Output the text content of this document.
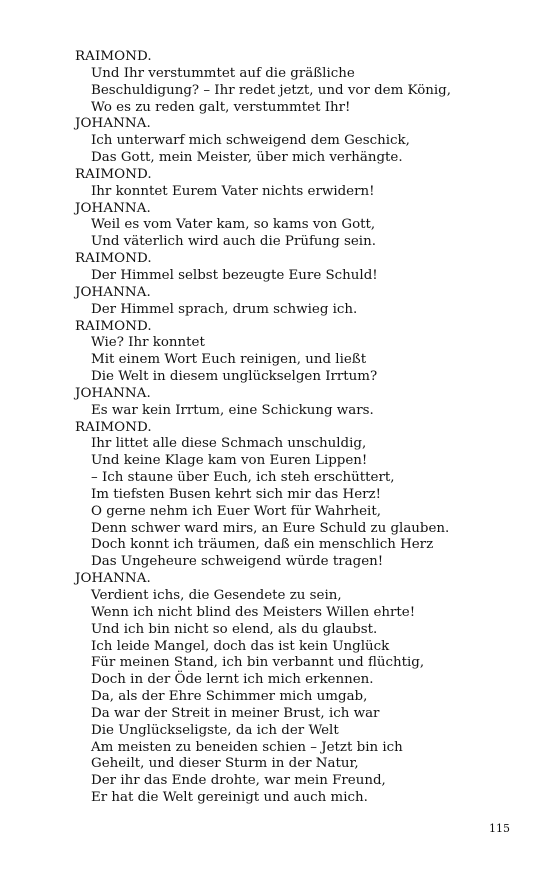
RAIMOND.
Und Ihr verstummtet auf die gräßliche
Beschuldigung? – Ihr redet jetzt, und vor dem König,
Wo es zu reden galt, verstummtet Ihr!
JOHANNA.
Ich unterwarf mich schweigend dem Geschick,
Das Gott, mein Meister, über mich verhängte.
RAIMOND.
Ihr konntet Eurem Vater nichts erwidern!
JOHANNA.
Weil es vom Vater kam, so kams von Gott,
Und väterlich wird auch die Prüfung sein.
RAIMOND.
Der Himmel selbst bezeugte Eure Schuld!
JOHANNA.
Der Himmel sprach, drum schwieg ich.
RAIMOND.
Wie? Ihr konntet
Mit einem Wort Euch reinigen, und ließt
Die Welt in diesem unglückselgen Irrtum?
JOHANNA.
Es war kein Irrtum, eine Schickung wars.
RAIMOND.
Ihr littet alle diese Schmach unschuldig,
Und keine Klage kam von Euren Lippen!
– Ich staune über Euch, ich steh erschüttert,
Im tiefsten Busen kehrt sich mir das Herz!
O gerne nehm ich Euer Wort für Wahrheit,
Denn schwer ward mirs, an Eure Schuld zu glauben.
Doch konnt ich träumen, daß ein menschlich Herz
Das Ungeheure schweigend würde tragen!
JOHANNA.
Verdient ichs, die Gesendete zu sein,
Wenn ich nicht blind des Meisters Willen ehrte!
Und ich bin nicht so elend, als du glaubst.
Ich leide Mangel, doch das ist kein Unglück
Für meinen Stand, ich bin verbannt und flüchtig,
Doch in der Öde lernt ich mich erkennen.
Da, als der Ehre Schimmer mich umgab,
Da war der Streit in meiner Brust, ich war
Die Unglückseligste, da ich der Welt
Am meisten zu beneiden schien – Jetzt bin ich
Geheilt, und dieser Sturm in der Natur,
Der ihr das Ende drohte, war mein Freund,
Er hat die Welt gereinigt und auch mich.
115
